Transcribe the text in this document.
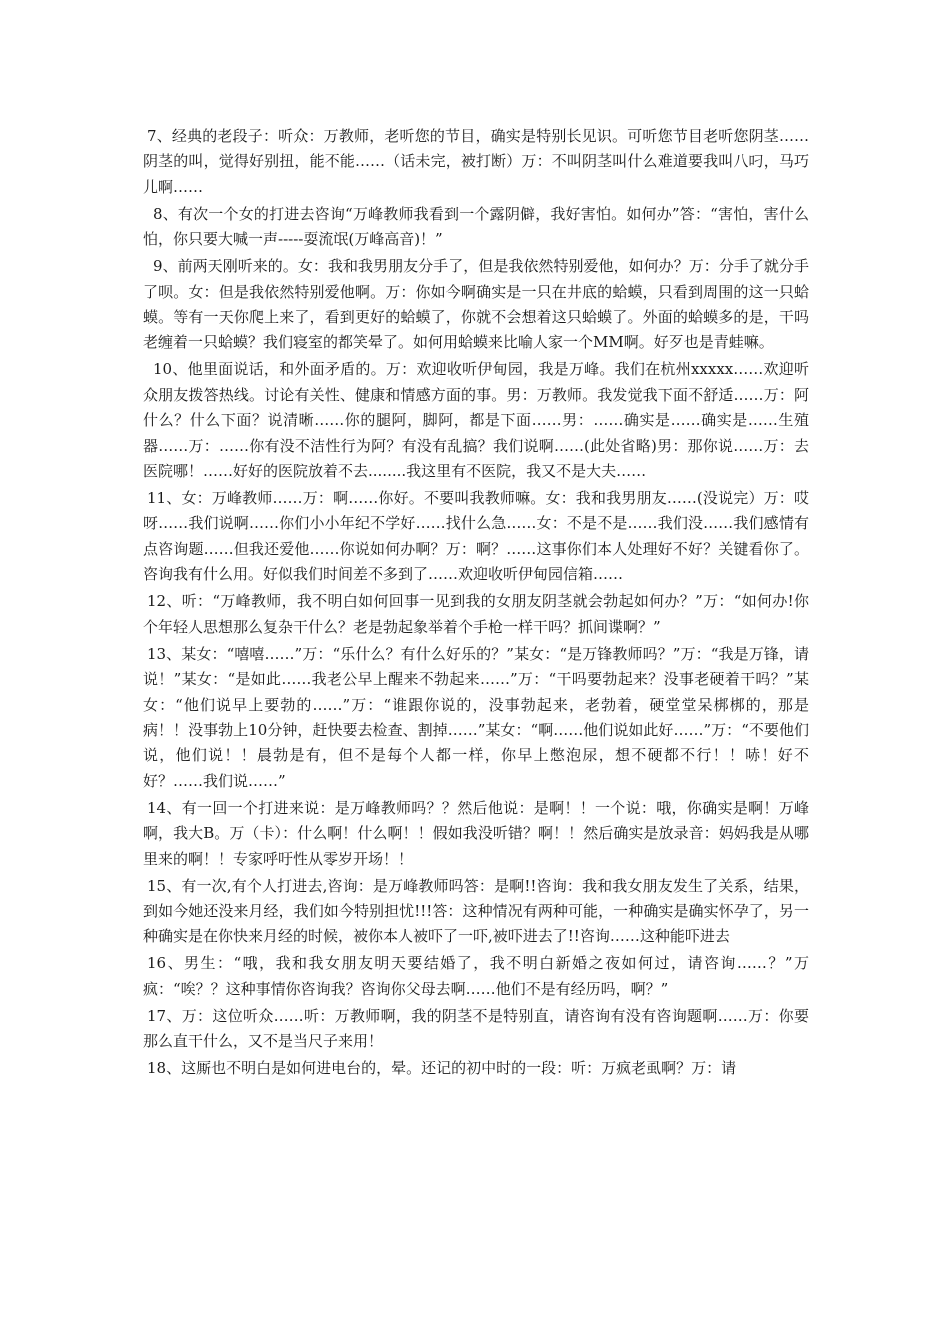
7、经典的老段子：听众：万教师，老听您的节目，确实是特别长见识。可听您节目老听您阴茎……阴茎的叫，觉得好别扭，能不能……（话未完，被打断）万：不叫阴茎叫什么难道要我叫八叼，马巧儿啊……

8、有次一个女的打进去咨询“万峰教师我看到一个露阴僻，我好害怕。如何办”答：“害怕，害什么怕，你只要大喊一声-----耍流氓(万峰高音)！”

9、前两天刚听来的。女：我和我男朋友分手了，但是我依然特别爱他，如何办？万：分手了就分手了呗。女：但是我依然特别爱他啊。万：你如今啊确实是一只在井底的蛤蟆，只看到周围的这一只蛤蟆。等有一天你爬上来了，看到更好的蛤蟆了，你就不会想着这只蛤蟆了。外面的蛤蟆多的是，干吗老缠着一只蛤蟆？我们寝室的都笑晕了。如何用蛤蟆来比喻人家一个MM啊。好歹也是青蛙嘛。

10、他里面说话，和外面矛盾的。万：欢迎收听伊甸园，我是万峰。我们在杭州xxxxx……欢迎听众朋友拨答热线。讨论有关性、健康和情感方面的事。男：万教师。我发觉我下面不舒适……万：阿什么？什么下面？说清晰……你的腿阿，脚阿，都是下面……男：……确实是……确实是……生殖器……万：……你有没不洁性行为阿？有没有乱搞？我们说啊……(此处省略)男：那你说……万：去医院哪！……好好的医院放着不去........我这里有不医院，我又不是大夫……

11、女：万峰教师……万：啊……你好。不要叫我教师嘛。女：我和我男朋友……(没说完）万：哎呀……我们说啊……你们小小年纪不学好……找什么急……女：不是不是……我们没……我们感情有点咨询题……但我还爱他……你说如何办啊？万：啊？……这事你们本人处理好不好？关键看你了。咨询我有什么用。好似我们时间差不多到了……欢迎收听伊甸园信箱……

12、听：“万峰教师，我不明白如何回事一见到我的女朋友阴茎就会勃起如何办？”万：“如何办!你个年轻人思想那么复杂干什么？老是勃起象举着个手枪一样干吗？抓间谍啊？”

13、某女：“嘻嘻……”万：“乐什么？有什么好乐的？”某女：“是万锋教师吗？”万：“我是万锋，请说！”某女：“是如此……我老公早上醒来不勃起来……”万：“干吗要勃起来？没事老硬着干吗？”某女：“他们说早上要勃的……”万：“谁跟你说的，没事勃起来，老勃着，硬堂堂呆梆梆的，那是病！！没事勃上10分钟，赶快要去检查、割掉……”某女：“啊……他们说如此好……”万：“不要他们说，他们说！！晨勃是有，但不是每个人都一样，你早上憋泡尿，想不硬都不行！！哧！好不好？……我们说……”

14、有一回一个打进来说：是万峰教师吗？？然后他说：是啊！！一个说：哦，你确实是啊！万峰啊，我大B。万（卡）：什么啊！什么啊！！假如我没听错？啊！！然后确实是放录音：妈妈我是从哪里来的啊！！专家呼吁性从零岁开场！！

15、有一次,有个人打进去,咨询：是万峰教师吗答：是啊!!咨询：我和我女朋友发生了关系，结果，到如今她还没来月经，我们如今特别担忧!!!答：这种情况有两种可能，一种确实是确实怀孕了，另一种确实是在你快来月经的时候，被你本人被吓了一吓,被吓进去了!!咨询……这种能吓进去

16、男生：“哦，我和我女朋友明天要结婚了，我不明白新婚之夜如何过，请咨询……？”万疯：“唉？？这种事情你咨询我？咨询你父母去啊……他们不是有经历吗，啊？”

17、万：这位听众……听：万教师啊，我的阴茎不是特别直，请咨询有没有咨询题啊……万：你要那么直干什么，又不是当尺子来用！

18、这厮也不明白是如何进电台的，晕。还记的初中时的一段：听：万疯老虱啊？万：请
